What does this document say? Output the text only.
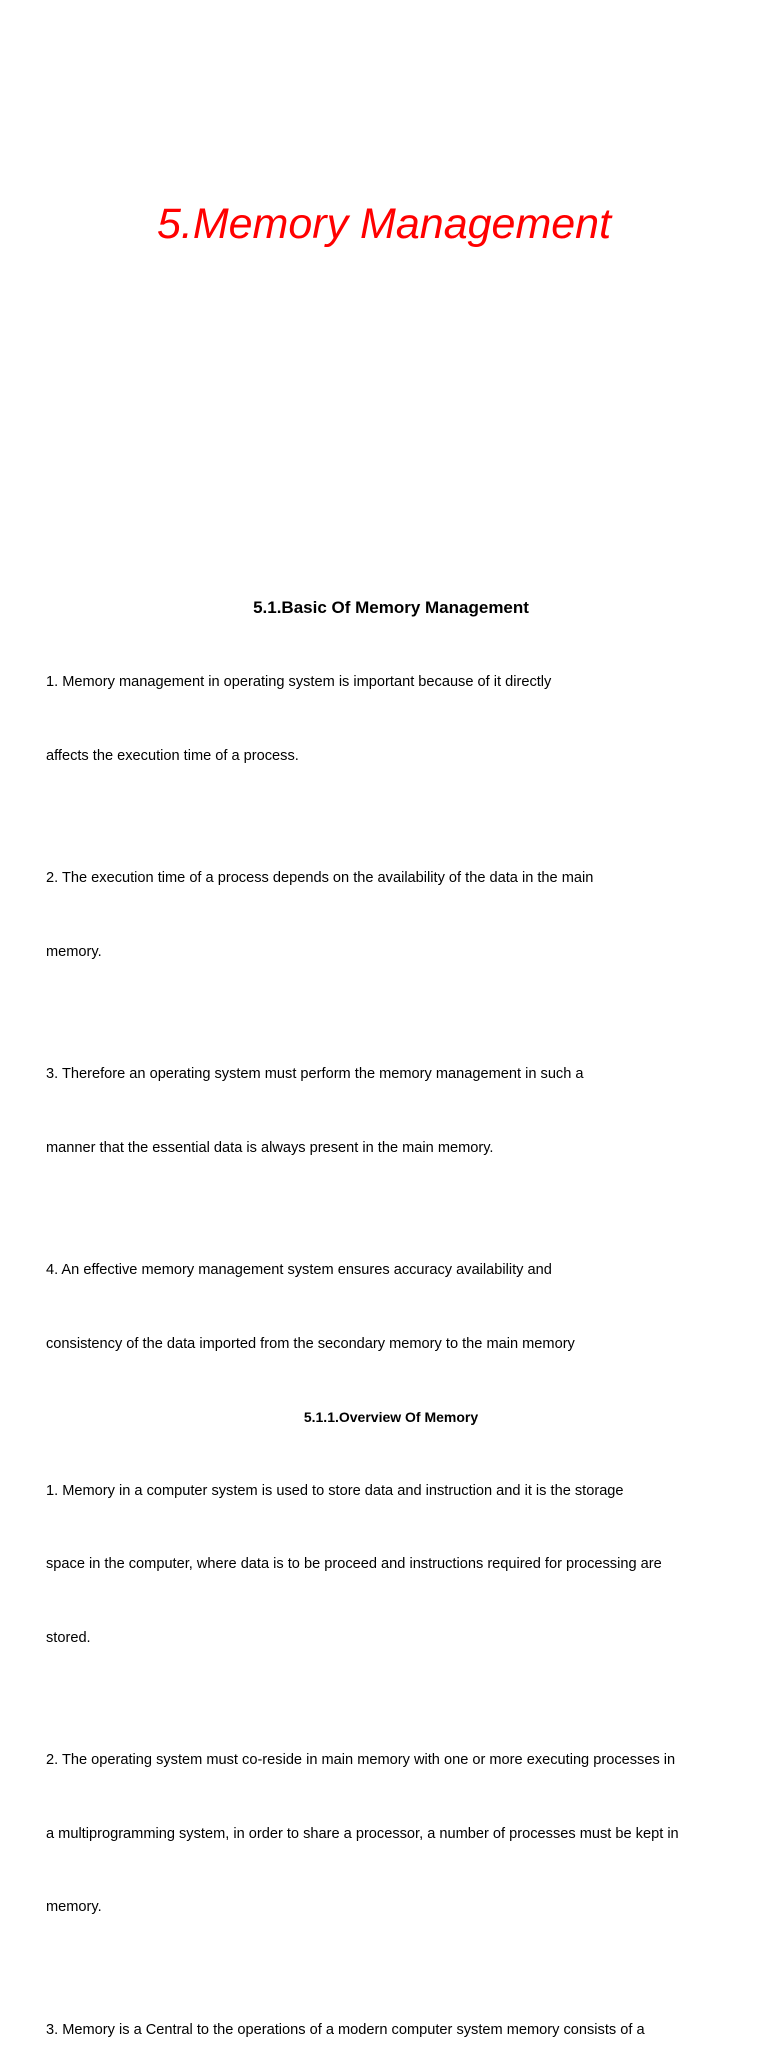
5.Memory Management
5.1.Basic Of Memory Management

1. Memory management in operating system is important because of it directly

affects the execution time of a process.

2. The execution time of a process depends on the availability of the data in the main

memory.

3. Therefore an operating system must perform the memory management in such a

manner that the essential data is always present in the main memory.

4. An effective memory management system ensures accuracy availability and

consistency of the data imported from the secondary memory to the main memory

5.1.1.Overview Of Memory

1. Memory in a computer system is used to store data and instruction and it is the storage

space in the computer, where data is to be proceed and instructions required for processing are

stored.

2. The operating system must co-reside in main memory with one or more executing processes in

a multiprogramming system, in order to share a processor, a number of processes must be kept in

memory.

3. Memory is a Central to the operations of a modern computer system memory consists of a
